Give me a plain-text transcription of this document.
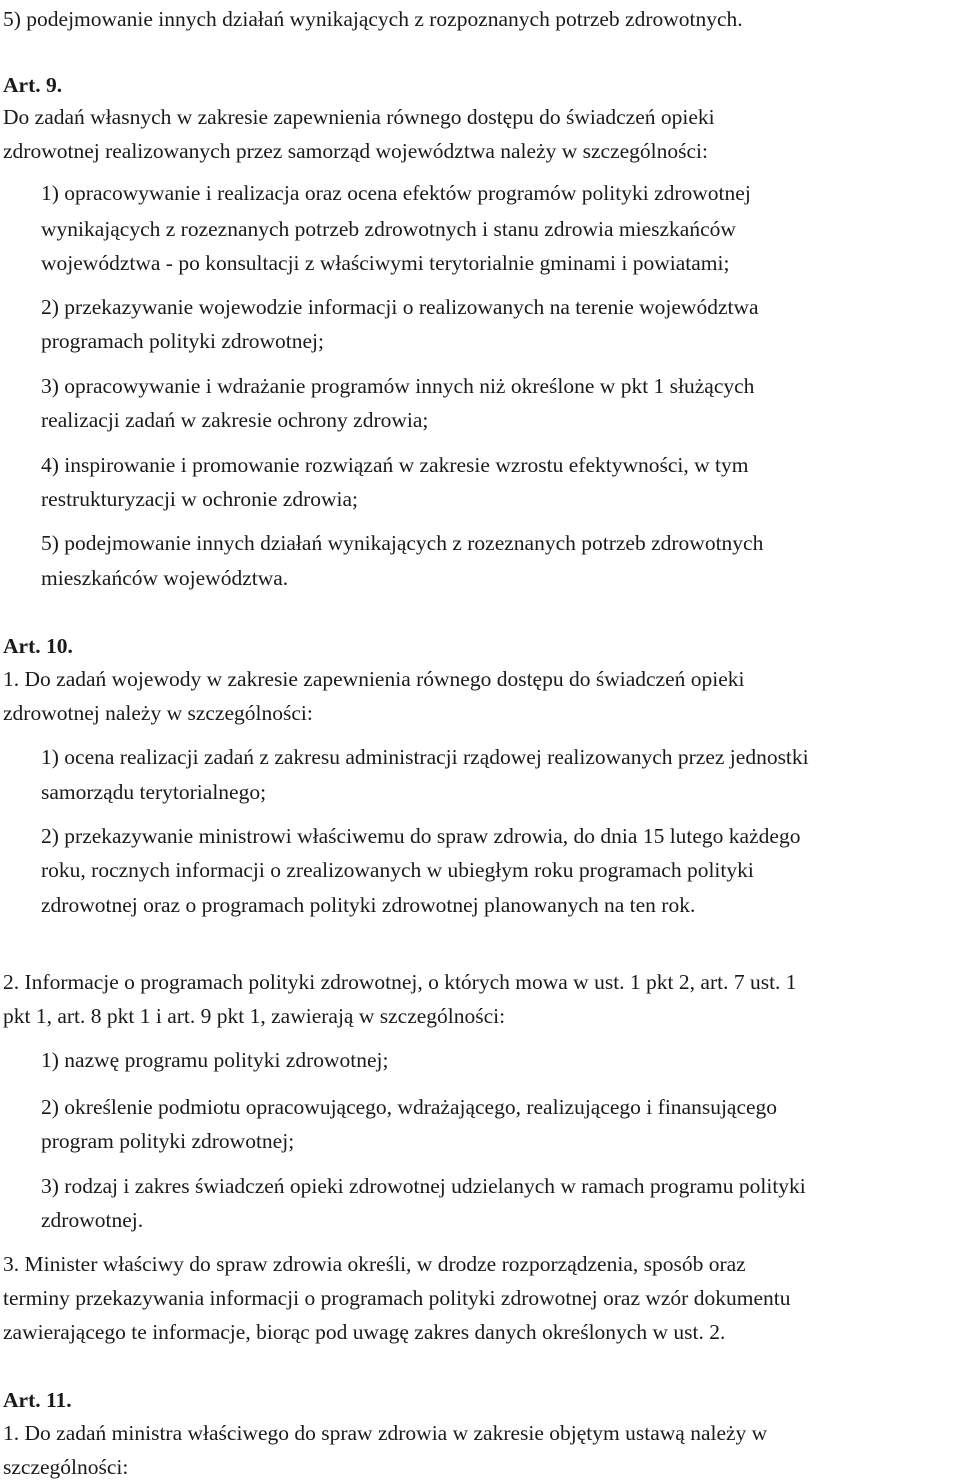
5) podejmowanie innych działań wynikających z rozpoznanych potrzeb zdrowotnych.

Art. 9.

Do zadań własnych w zakresie zapewnienia równego dostępu do świadczeń opieki

zdrowotnej realizowanych przez samorząd województwa należy w szczególności:

1) opracowywanie i realizacja oraz ocena efektów programów polityki zdrowotnej

wynikających z rozeznanych potrzeb zdrowotnych i stanu zdrowia mieszkańców

województwa - po konsultacji z właściwymi terytorialnie gminami i powiatami;

2) przekazywanie wojewodzie informacji o realizowanych na terenie województwa

programach polityki zdrowotnej;

3) opracowywanie i wdrażanie programów innych niż określone w pkt 1 służących

realizacji zadań w zakresie ochrony zdrowia;

4) inspirowanie i promowanie rozwiązań w zakresie wzrostu efektywności, w tym

restrukturyzacji w ochronie zdrowia;

5) podejmowanie innych działań wynikających z rozeznanych potrzeb zdrowotnych

mieszkańców województwa.

Art. 10.

1. Do zadań wojewody w zakresie zapewnienia równego dostępu do świadczeń opieki

zdrowotnej należy w szczególności:

1) ocena realizacji zadań z zakresu administracji rządowej realizowanych przez jednostki

samorządu terytorialnego;

2) przekazywanie ministrowi właściwemu do spraw zdrowia, do dnia 15 lutego każdego

roku, rocznych informacji o zrealizowanych w ubiegłym roku programach polityki

zdrowotnej oraz o programach polityki zdrowotnej planowanych na ten rok.

2. Informacje o programach polityki zdrowotnej, o których mowa w ust. 1 pkt 2, art. 7 ust. 1

pkt 1, art. 8 pkt 1 i art. 9 pkt 1, zawierają w szczególności:

1) nazwę programu polityki zdrowotnej;

2) określenie podmiotu opracowującego, wdrażającego, realizującego i finansującego

program polityki zdrowotnej;

3) rodzaj i zakres świadczeń opieki zdrowotnej udzielanych w ramach programu polityki

zdrowotnej.

3. Minister właściwy do spraw zdrowia określi, w drodze rozporządzenia, sposób oraz

terminy przekazywania informacji o programach polityki zdrowotnej oraz wzór dokumentu

zawierającego te informacje, biorąc pod uwagę zakres danych określonych w ust. 2.

Art. 11.

1. Do zadań ministra właściwego do spraw zdrowia w zakresie objętym ustawą należy w

szczególności:
